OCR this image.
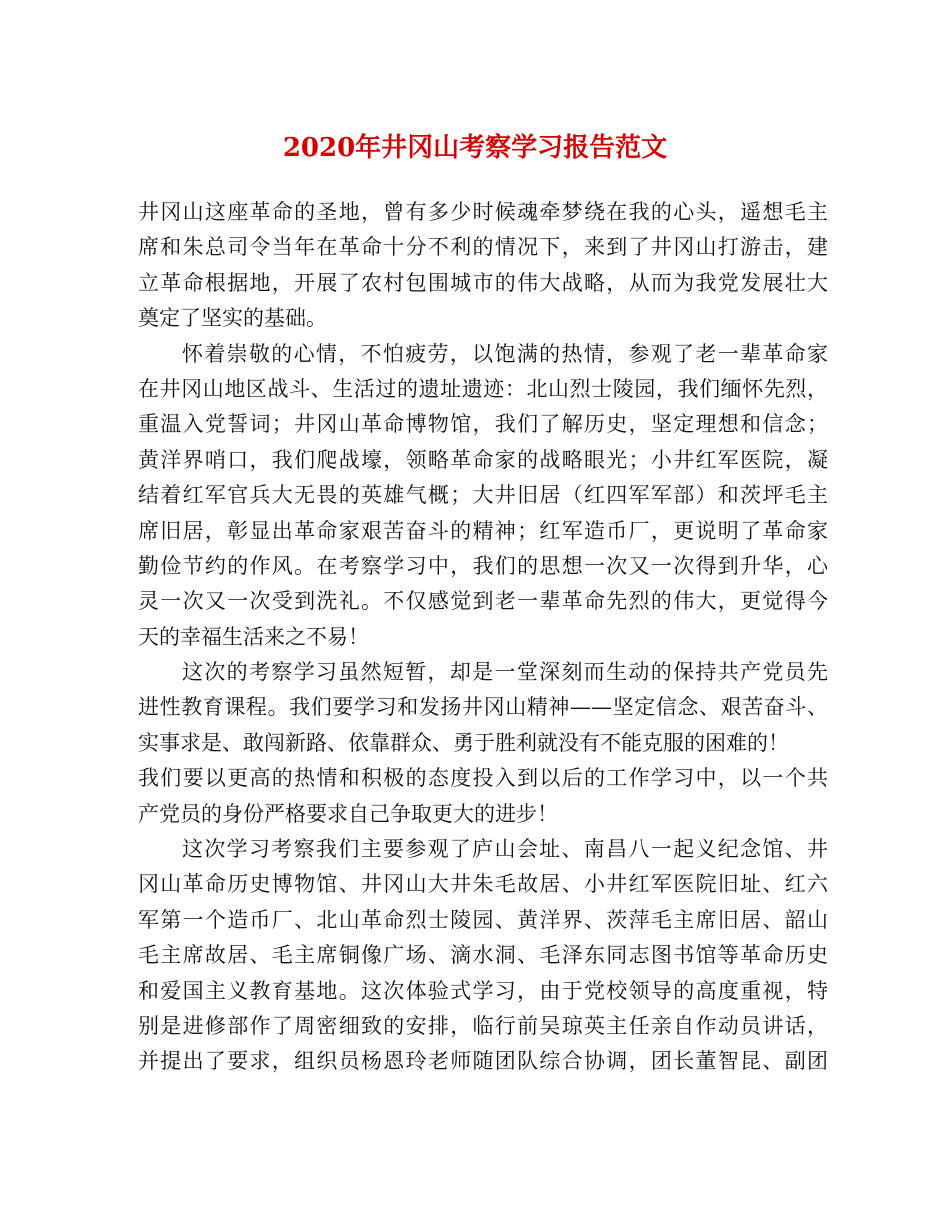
2020年井冈山考察学习报告范文
井冈山这座革命的圣地，曾有多少时候魂牵梦绕在我的心头，遥想毛主
席和朱总司令当年在革命十分不利的情况下，来到了井冈山打游击，建
立革命根据地，开展了农村包围城市的伟大战略，从而为我党发展壮大
奠定了坚实的基础。
怀着崇敬的心情，不怕疲劳，以饱满的热情，参观了老一辈革命家
在井冈山地区战斗、生活过的遗址遗迹：北山烈士陵园，我们缅怀先烈，
重温入党誓词；井冈山革命博物馆，我们了解历史，坚定理想和信念；
黄洋界哨口，我们爬战壕，领略革命家的战略眼光；小井红军医院，凝
结着红军官兵大无畏的英雄气概；大井旧居（红四军军部）和茨坪毛主
席旧居，彰显出革命家艰苦奋斗的精神；红军造币厂，更说明了革命家
勤俭节约的作风。在考察学习中，我们的思想一次又一次得到升华，心
灵一次又一次受到洗礼。不仅感觉到老一辈革命先烈的伟大，更觉得今
天的幸福生活来之不易！
这次的考察学习虽然短暂，却是一堂深刻而生动的保持共产党员先
进性教育课程。我们要学习和发扬井冈山精神——坚定信念、艰苦奋斗、
实事求是、敢闯新路、依靠群众、勇于胜利就没有不能克服的困难的！
我们要以更高的热情和积极的态度投入到以后的工作学习中，以一个共
产党员的身份严格要求自己争取更大的进步！
这次学习考察我们主要参观了庐山会址、南昌八一起义纪念馆、井
冈山革命历史博物馆、井冈山大井朱毛故居、小井红军医院旧址、红六
军第一个造币厂、北山革命烈士陵园、黄洋界、茨萍毛主席旧居、韶山
毛主席故居、毛主席铜像广场、滴水洞、毛泽东同志图书馆等革命历史
和爱国主义教育基地。这次体验式学习，由于党校领导的高度重视，特
别是进修部作了周密细致的安排，临行前吴琼英主任亲自作动员讲话，
并提出了要求，组织员杨恩玲老师随团队综合协调，团长董智昆、副团
